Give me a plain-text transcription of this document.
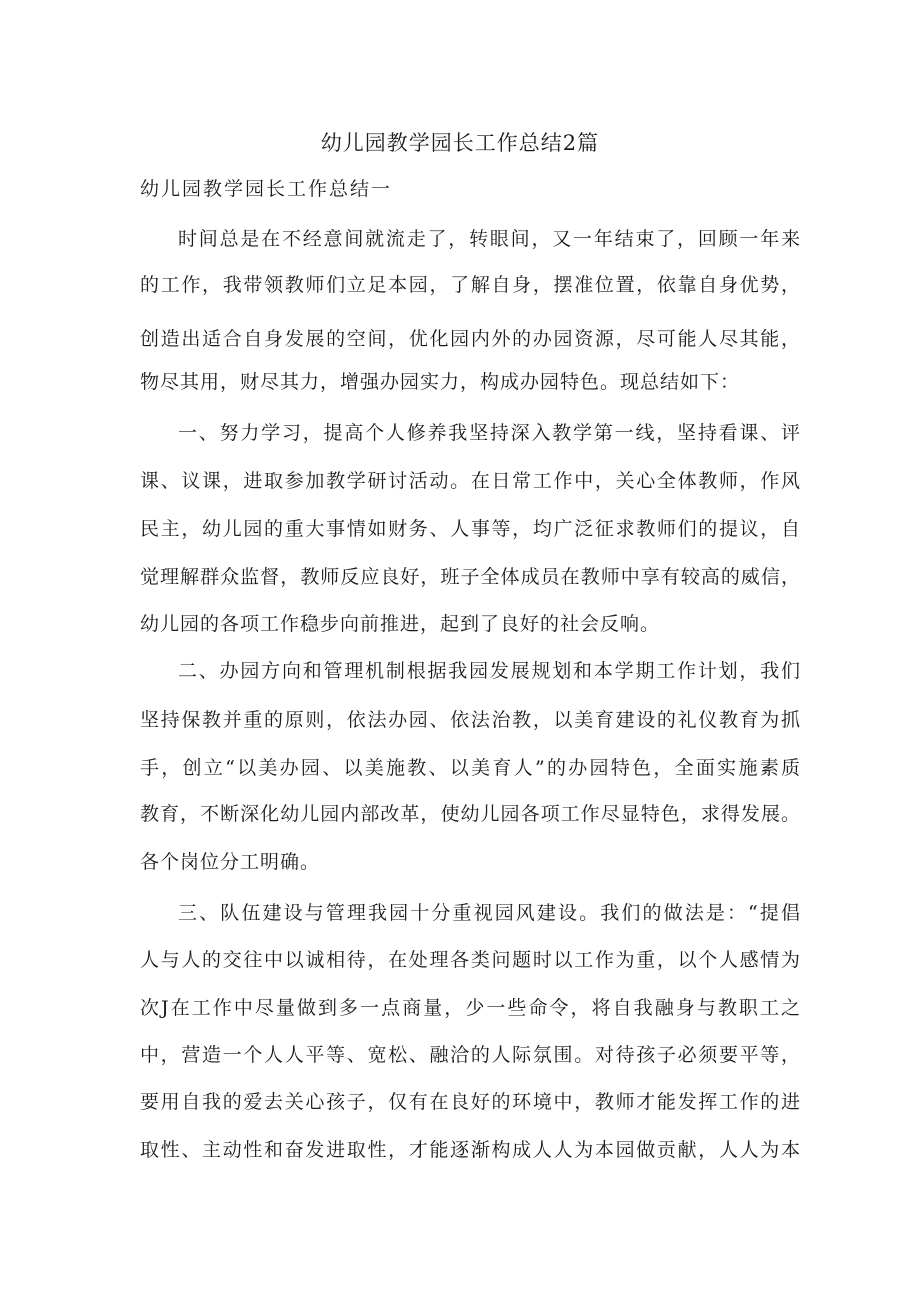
幼儿园教学园长工作总结2篇
幼儿园教学园长工作总结一

时间总是在不经意间就流走了，转眼间，又一年结束了，回顾一年来

的工作，我带领教师们立足本园，了解自身，摆准位置，依靠自身优势，

创造出适合自身发展的空间，优化园内外的办园资源，尽可能人尽其能，

物尽其用，财尽其力，增强办园实力，构成办园特色。现总结如下：

一、努力学习，提高个人修养我坚持深入教学第一线，坚持看课、评

课、议课，进取参加教学研讨活动。在日常工作中，关心全体教师，作风

民主，幼儿园的重大事情如财务、人事等，均广泛征求教师们的提议，自

觉理解群众监督，教师反应良好，班子全体成员在教师中享有较高的威信，

幼儿园的各项工作稳步向前推进，起到了良好的社会反响。

二、办园方向和管理机制根据我园发展规划和本学期工作计划，我们

坚持保教并重的原则，依法办园、依法治教，以美育建设的礼仪教育为抓

手，创立“以美办园、以美施教、以美育人”的办园特色，全面实施素质

教育，不断深化幼儿园内部改革，使幼儿园各项工作尽显特色，求得发展。

各个岗位分工明确。

三、队伍建设与管理我园十分重视园风建设。我们的做法是：“提倡

人与人的交往中以诚相待，在处理各类问题时以工作为重，以个人感情为

次J在工作中尽量做到多一点商量，少一些命令，将自我融身与教职工之

中，营造一个人人平等、宽松、融洽的人际氛围。对待孩子必须要平等，

要用自我的爱去关心孩子，仅有在良好的环境中，教师才能发挥工作的进

取性、主动性和奋发进取性，才能逐渐构成人人为本园做贡献，人人为本
